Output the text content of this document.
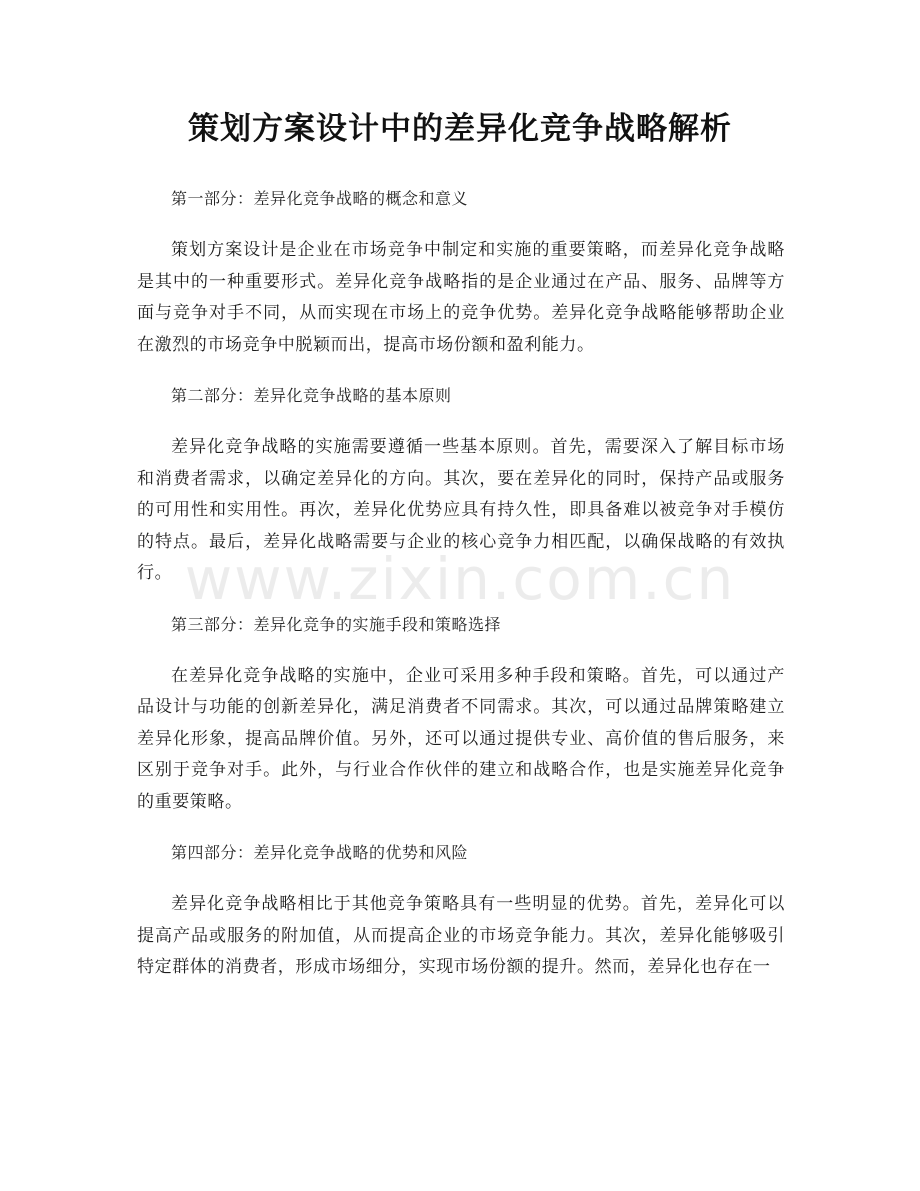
策划方案设计中的差异化竞争战略解析
www.zixin.com.cn

第一部分：差异化竞争战略的概念和意义

策划方案设计是企业在市场竞争中制定和实施的重要策略，而差异化竞争战略是其中的一种重要形式。差异化竞争战略指的是企业通过在产品、服务、品牌等方面与竞争对手不同，从而实现在市场上的竞争优势。差异化竞争战略能够帮助企业在激烈的市场竞争中脱颖而出，提高市场份额和盈利能力。

第二部分：差异化竞争战略的基本原则

差异化竞争战略的实施需要遵循一些基本原则。首先，需要深入了解目标市场和消费者需求，以确定差异化的方向。其次，要在差异化的同时，保持产品或服务的可用性和实用性。再次，差异化优势应具有持久性，即具备难以被竞争对手模仿的特点。最后，差异化战略需要与企业的核心竞争力相匹配，以确保战略的有效执行。

第三部分：差异化竞争的实施手段和策略选择

在差异化竞争战略的实施中，企业可采用多种手段和策略。首先，可以通过产品设计与功能的创新差异化，满足消费者不同需求。其次，可以通过品牌策略建立差异化形象，提高品牌价值。另外，还可以通过提供专业、高价值的售后服务，来区别于竞争对手。此外，与行业合作伙伴的建立和战略合作，也是实施差异化竞争的重要策略。

第四部分：差异化竞争战略的优势和风险

差异化竞争战略相比于其他竞争策略具有一些明显的优势。首先，差异化可以提高产品或服务的附加值，从而提高企业的市场竞争能力。其次，差异化能够吸引特定群体的消费者，形成市场细分，实现市场份额的提升。然而，差异化也存在一
